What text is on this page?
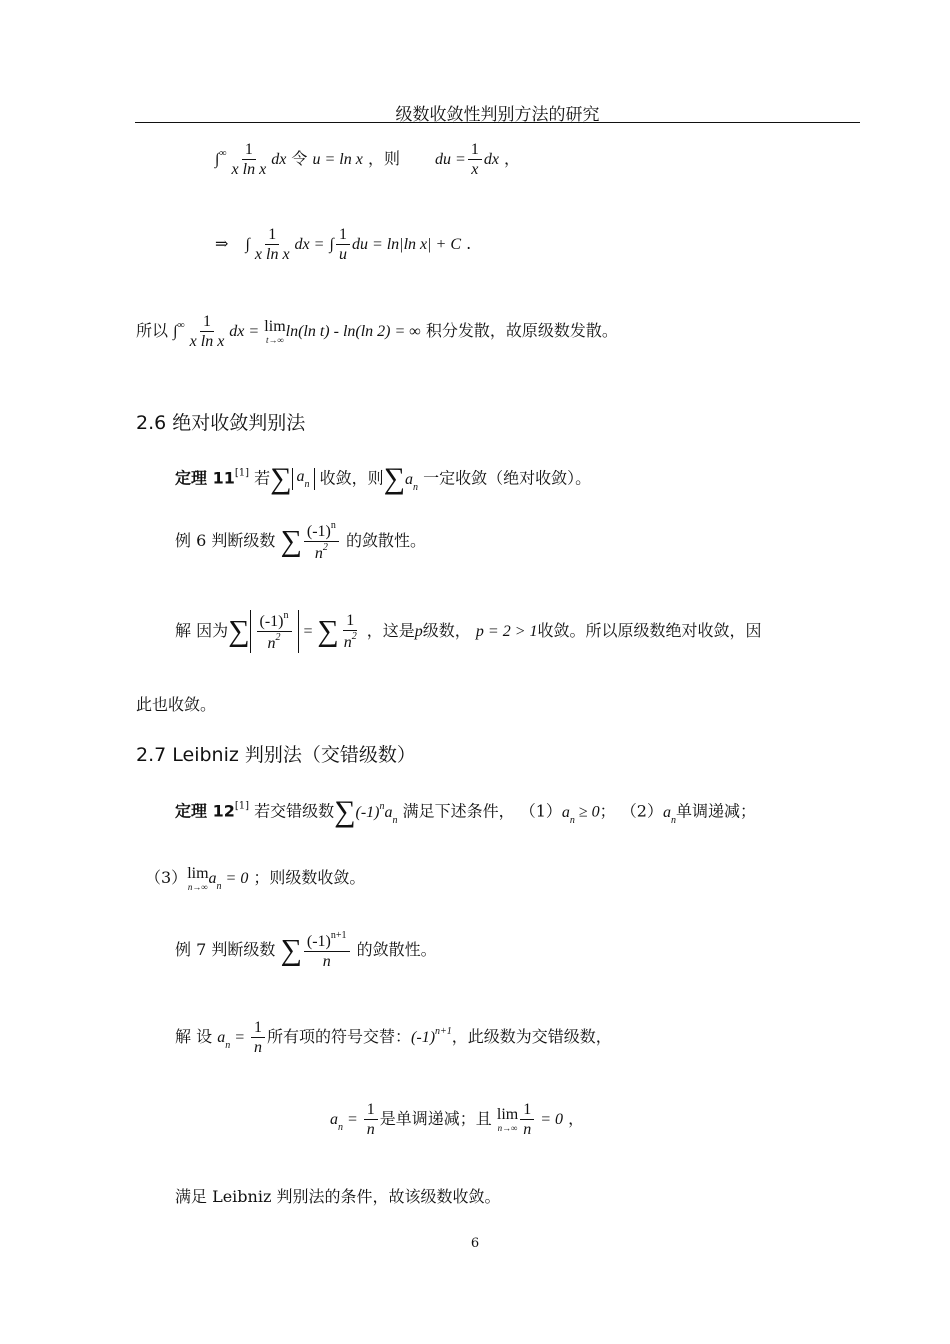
级数收敛性判别方法的研究
$\int^\infty \frac{1}{\text{x ln x}}$ dx 令 u = ln x ，则 du = $\frac{1}{x}$ dx ，
⇒ ∫ $\frac{1}{\text{x ln x}}$ dx = ∫ $\frac{1}{u}$ du = ln|ln x| + C .
所以 $\int^\infty \frac{1}{\text{x ln x}}$ dx = lim
t→∞ ln(ln t) - ln(ln 2) = ∞ 积分发散，故原级数发散。
2.6 绝对收敛判别法
定理 11[1] 若∑ $a_n$ 收敛，则$\sum a_n$ 一定收敛（绝对收敛）。
例 6 判断级数 ∑ $\frac{(-1)^n}{n^2}$ 的敛散性。
解 因为∑ $\frac{(-1)^n}{n^2}$ = ∑ $\frac{1}{n^2}$ ，这是p级数， p = 2 > 1收敛。所以原级数绝对收敛，因
此也收敛。
2.7 Leibniz 判别法（交错级数）
定理 12[1] 若交错级数$\sum(-1)^na_n$ 满足下述条件， $(1)a_n \ge 0$； $(2)a_n$单调递减；
（3） lim
n→∞ $a_n = 0$ ；则级数收敛。
例 7 判断级数 ∑ $\frac{(-1)^{n+1}}{n}$ 的敛散性。
解 设 $a_n = \frac{1}{n}$ 所有项的符号交替：$(-1)^{n+1}$，此级数为交错级数，
$a_n = \frac{1}{n}$ 是单调递减；且 lim
$n\to\infty \frac{1}{n} = 0$ ，
满足 Leibniz 判别法的条件，故该级数收敛。
6
